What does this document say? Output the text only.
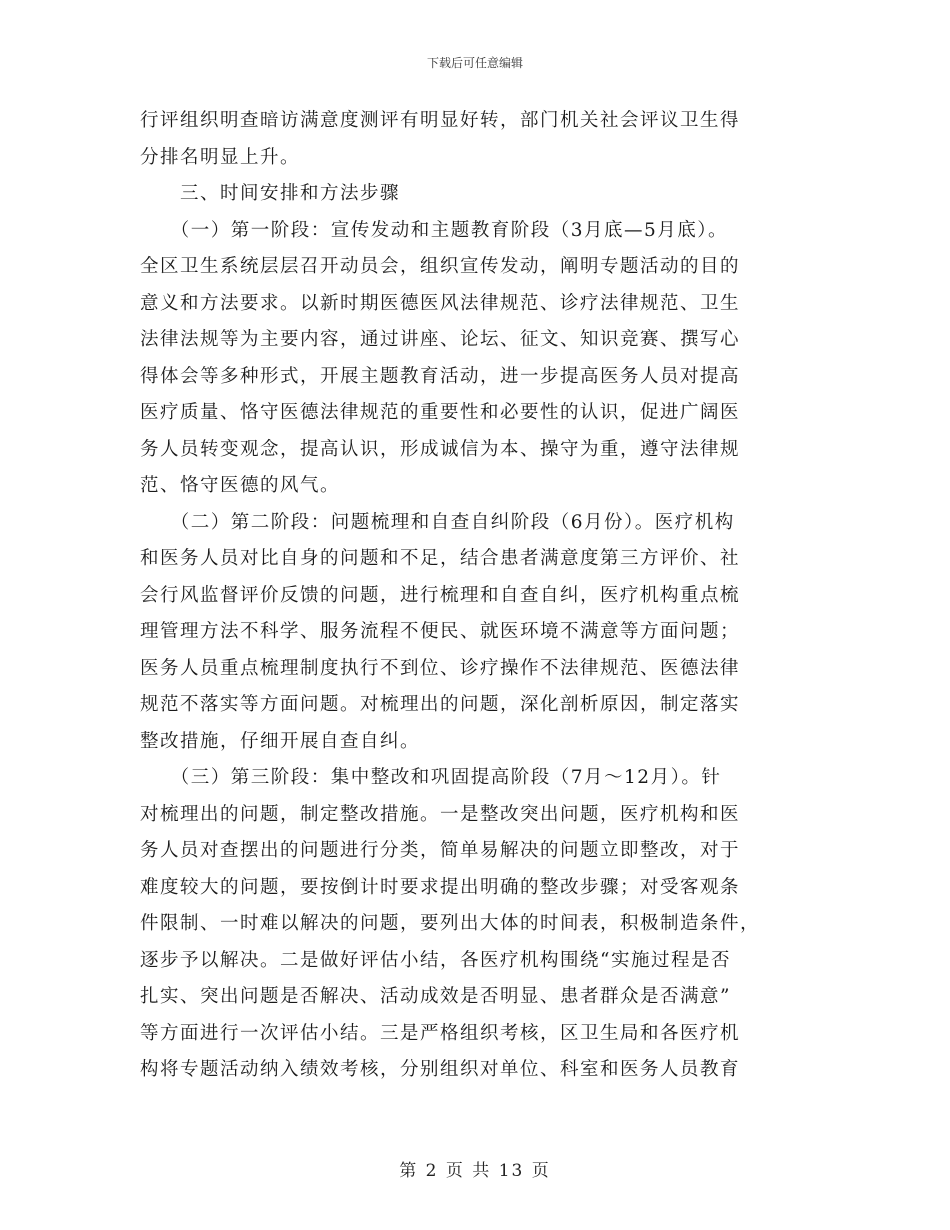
下载后可任意编辑

行评组织明查暗访满意度测评有明显好转，部门机关社会评议卫生得

分排名明显上升。

　　三、时间安排和方法步骤

　　（一）第一阶段：宣传发动和主题教育阶段（3月底—5月底）。

全区卫生系统层层召开动员会，组织宣传发动，阐明专题活动的目的

意义和方法要求。以新时期医德医风法律规范、诊疗法律规范、卫生

法律法规等为主要内容，通过讲座、论坛、征文、知识竞赛、撰写心

得体会等多种形式，开展主题教育活动，进一步提高医务人员对提高

医疗质量、恪守医德法律规范的重要性和必要性的认识，促进广阔医

务人员转变观念，提高认识，形成诚信为本、操守为重，遵守法律规

范、恪守医德的风气。

　　（二）第二阶段：问题梳理和自查自纠阶段（6月份）。医疗机构

和医务人员对比自身的问题和不足，结合患者满意度第三方评价、社

会行风监督评价反馈的问题，进行梳理和自查自纠，医疗机构重点梳

理管理方法不科学、服务流程不便民、就医环境不满意等方面问题；

医务人员重点梳理制度执行不到位、诊疗操作不法律规范、医德法律

规范不落实等方面问题。对梳理出的问题，深化剖析原因，制定落实

整改措施，仔细开展自查自纠。

　　（三）第三阶段：集中整改和巩固提高阶段（7月～12月）。针

对梳理出的问题，制定整改措施。一是整改突出问题，医疗机构和医

务人员对查摆出的问题进行分类，简单易解决的问题立即整改，对于

难度较大的问题，要按倒计时要求提出明确的整改步骤；对受客观条

件限制、一时难以解决的问题，要列出大体的时间表，积极制造条件，

逐步予以解决。二是做好评估小结，各医疗机构围绕“实施过程是否

扎实、突出问题是否解决、活动成效是否明显、患者群众是否满意”

等方面进行一次评估小结。三是严格组织考核，区卫生局和各医疗机

构将专题活动纳入绩效考核，分别组织对单位、科室和医务人员教育

第 2 页 共 13 页
